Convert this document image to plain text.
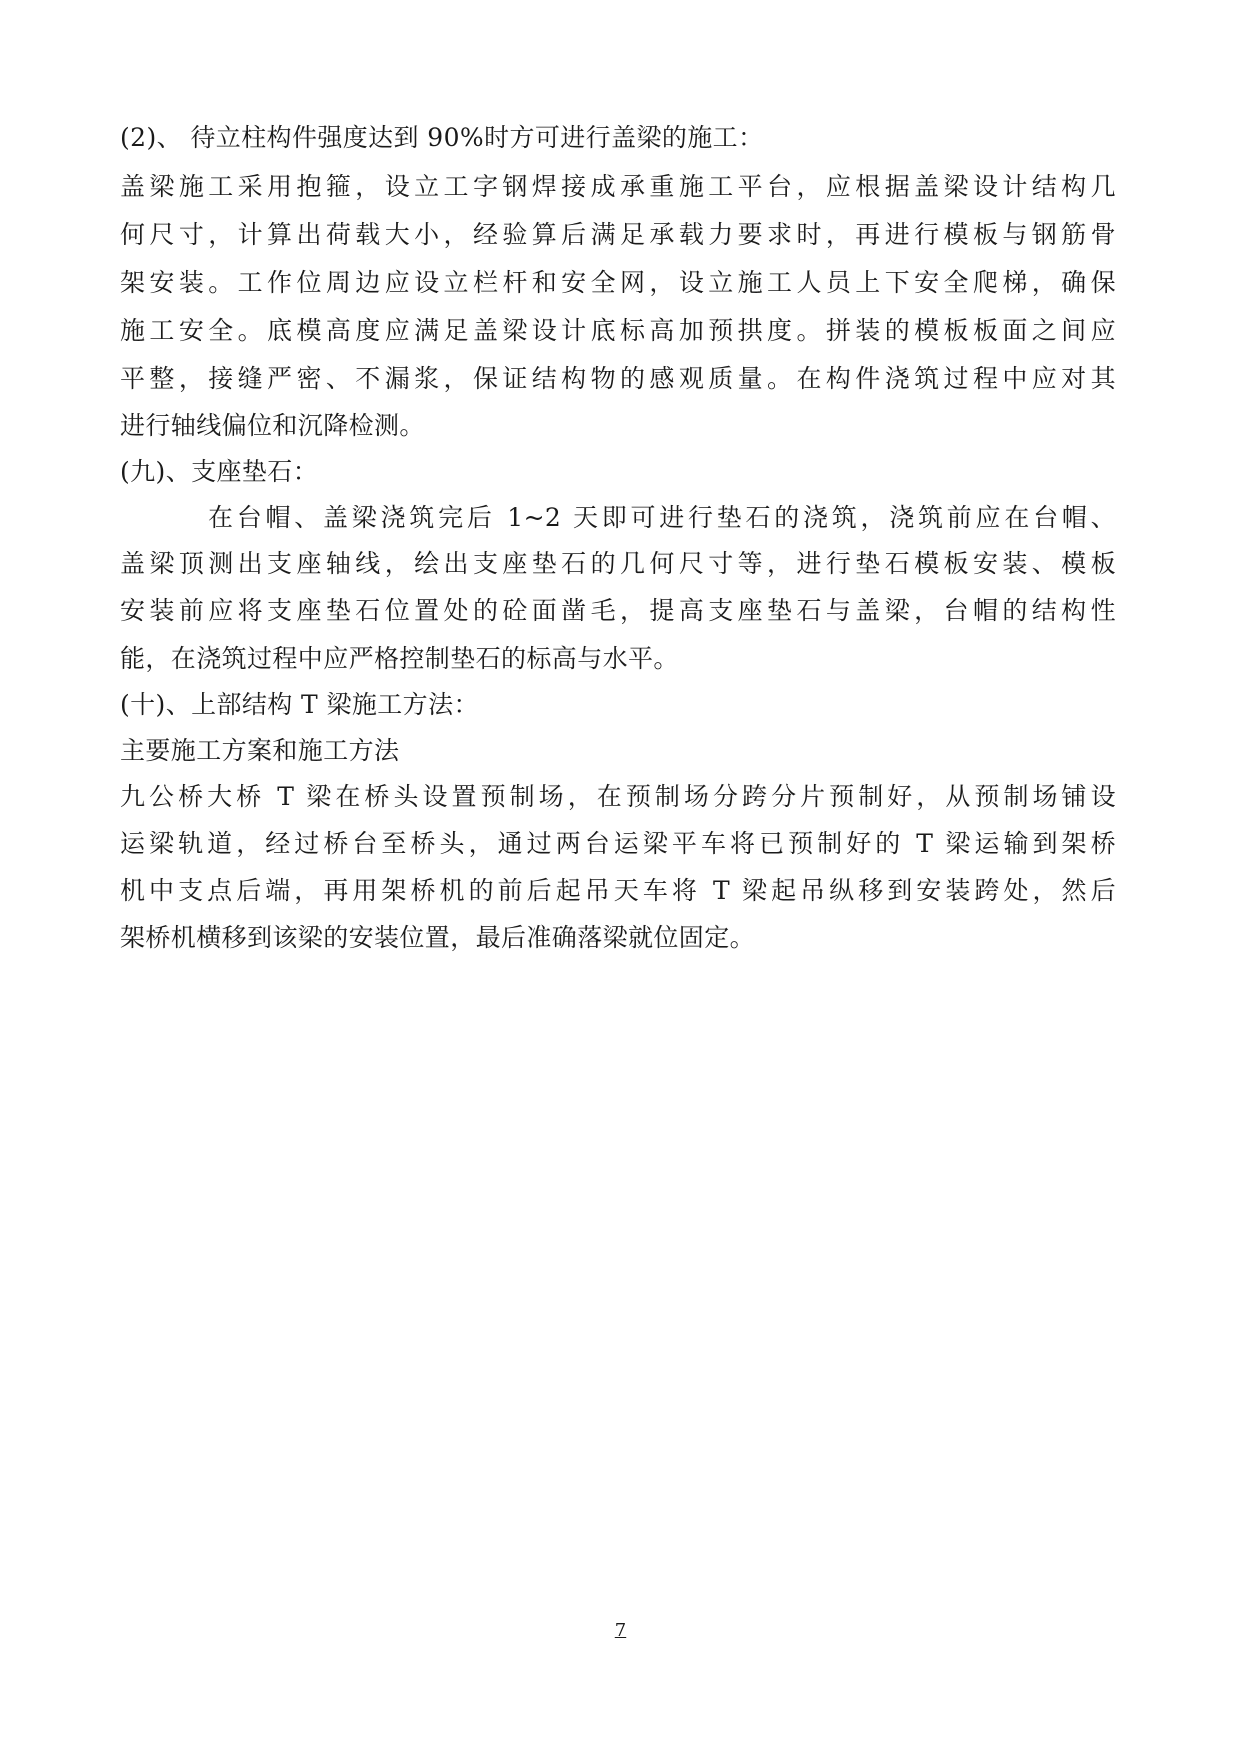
(2)、 待立柱构件强度达到 90%时方可进行盖梁的施工：
盖梁施工采用抱箍，设立工字钢焊接成承重施工平台，应根据盖梁设计结构几
何尺寸，计算出荷载大小，经验算后满足承载力要求时，再进行模板与钢筋骨
架安装。工作位周边应设立栏杆和安全网，设立施工人员上下安全爬梯，确保
施工安全。底模高度应满足盖梁设计底标高加预拱度。拼装的模板板面之间应
平整，接缝严密、不漏浆，保证结构物的感观质量。在构件浇筑过程中应对其
进行轴线偏位和沉降检测。
(九)、支座垫石：
在台帽、盖梁浇筑完后 1~2 天即可进行垫石的浇筑，浇筑前应在台帽、
盖梁顶测出支座轴线，绘出支座垫石的几何尺寸等，进行垫石模板安装、模板
安装前应将支座垫石位置处的砼面凿毛，提高支座垫石与盖梁，台帽的结构性
能，在浇筑过程中应严格控制垫石的标高与水平。
(十)、上部结构 T 梁施工方法：
主要施工方案和施工方法
九公桥大桥 T 梁在桥头设置预制场，在预制场分跨分片预制好，从预制场铺设
运梁轨道，经过桥台至桥头，通过两台运梁平车将已预制好的 T 梁运输到架桥
机中支点后端，再用架桥机的前后起吊天车将 T 梁起吊纵移到安装跨处，然后
架桥机横移到该梁的安装位置，最后准确落梁就位固定。
7
